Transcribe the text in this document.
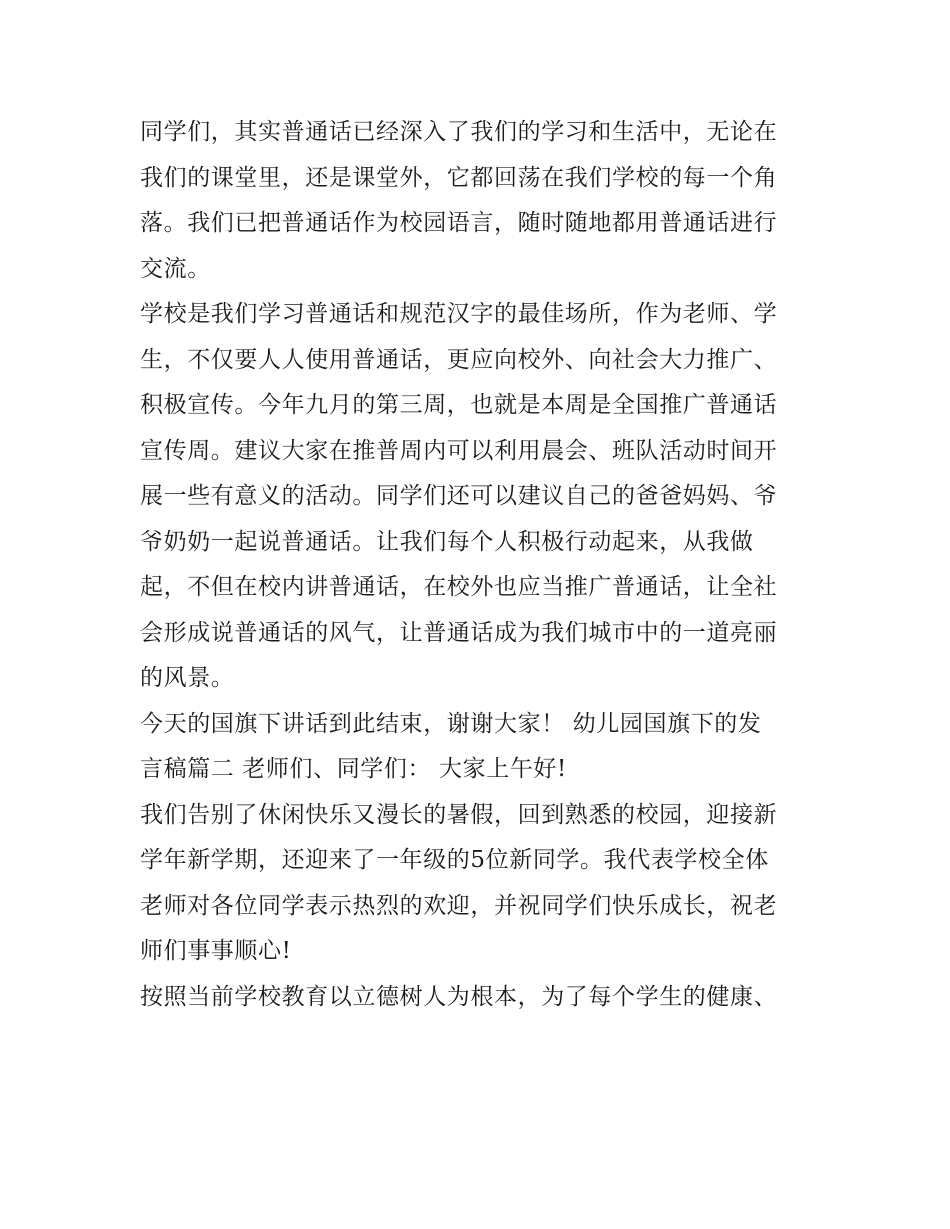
同学们，其实普通话已经深入了我们的学习和生活中，无论在
我们的课堂里，还是课堂外，它都回荡在我们学校的每一个角
落。我们已把普通话作为校园语言，随时随地都用普通话进行
交流。
学校是我们学习普通话和规范汉字的最佳场所，作为老师、学
生，不仅要人人使用普通话，更应向校外、向社会大力推广、
积极宣传。今年九月的第三周，也就是本周是全国推广普通话
宣传周。建议大家在推普周内可以利用晨会、班队活动时间开
展一些有意义的活动。同学们还可以建议自己的爸爸妈妈、爷
爷奶奶一起说普通话。让我们每个人积极行动起来，从我做
起，不但在校内讲普通话，在校外也应当推广普通话，让全社
会形成说普通话的风气，让普通话成为我们城市中的一道亮丽
的风景。
今天的国旗下讲话到此结束，谢谢大家！ 幼儿园国旗下的发
言稿篇二 老师们、同学们： 大家上午好!
我们告别了休闲快乐又漫长的暑假，回到熟悉的校园，迎接新
学年新学期，还迎来了一年级的5位新同学。我代表学校全体
老师对各位同学表示热烈的欢迎，并祝同学们快乐成长，祝老
师们事事顺心!
按照当前学校教育以立德树人为根本，为了每个学生的健康、
